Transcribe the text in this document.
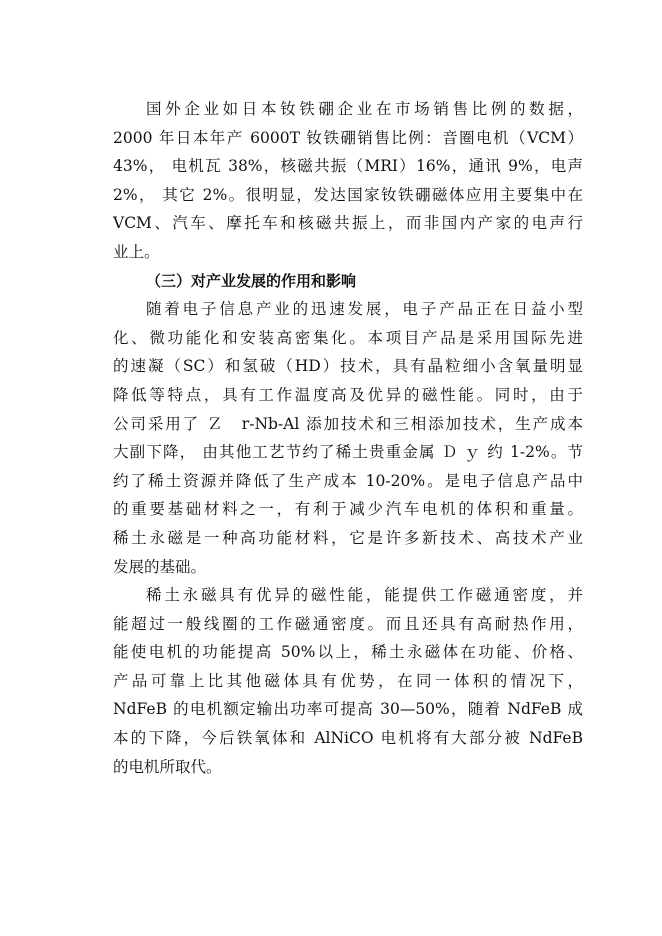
国外企业如日本钕铁硼企业在市场销售比例的数据，
2000 年日本年产 6000T 钕铁硼销售比例：音圈电机（VCM）
43%， 电机瓦 38%，核磁共振（MRI）16%，通讯 9%，电声
2%， 其它 2%。很明显，发达国家钕铁硼磁体应用主要集中在
VCM、汽车、摩托车和核磁共振上，而非国内产家的电声行
业上。
（三）对产业发展的作用和影响
随着电子信息产业的迅速发展，电子产品正在日益小型
化、微功能化和安装高密集化。本项目产品是采用国际先进
的速凝（SC）和氢破（HD）技术，具有晶粒细小含氧量明显
降低等特点，具有工作温度高及优异的磁性能。同时，由于
公司采用了 Ｚ　r-Nb-Al 添加技术和三相添加技术，生产成本
大副下降， 由其他工艺节约了稀土贵重金属 Ｄ ｙ 约 1-2%。节
约了稀土资源并降低了生产成本 10-20%。是电子信息产品中
的重要基础材料之一，有利于减少汽车电机的体积和重量。
稀土永磁是一种高功能材料，它是许多新技术、高技术产业
发展的基础。
稀土永磁具有优异的磁性能，能提供工作磁通密度，并
能超过一般线圈的工作磁通密度。而且还具有高耐热作用，
能使电机的功能提高 50%以上，稀土永磁体在功能、价格、
产品可靠上比其他磁体具有优势，在同一体积的情况下，
NdFeB 的电机额定输出功率可提高 30—50%，随着 NdFeB 成
本的下降，今后铁氧体和 AlNiCO 电机将有大部分被 NdFeB
的电机所取代。
